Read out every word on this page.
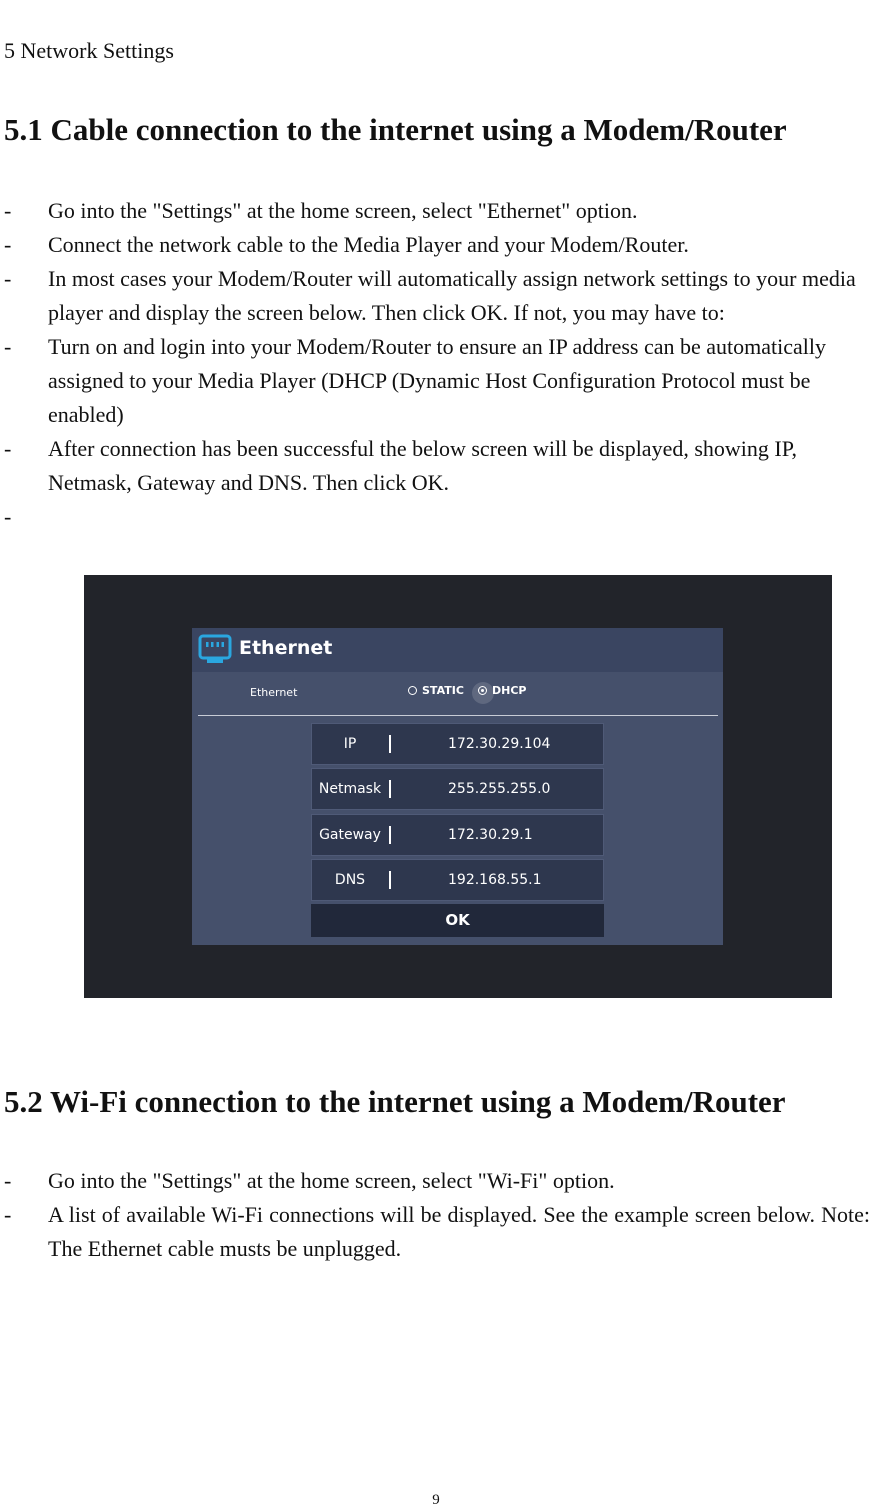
5 Network Settings
5.1 Cable connection to the internet using a Modem/Router
- Go into the "Settings" at the home screen, select "Ethernet" option.
- Connect the network cable to the Media Player and your Modem/Router.
- In most cases your Modem/Router will automatically assign network settings to your media player and display the screen below. Then click OK. If not, you may have to:
- Turn on and login into your Modem/Router to ensure an IP address can be automatically assigned to your Media Player (DHCP (Dynamic Host Configuration Protocol must be enabled)
- After connection has been successful the below screen will be displayed, showing IP, Netmask, Gateway and DNS. Then click OK.
-
Ethernet
Ethernet	STATIC	DHCP
IP	172.30.29.104
Netmask	255.255.255.0
Gateway	172.30.29.1
DNS	192.168.55.1
OK
5.2 Wi-Fi connection to the internet using a Modem/Router
- Go into the "Settings" at the home screen, select "Wi-Fi" option.
- A list of available Wi-Fi connections will be displayed. See the example screen below. Note: The Ethernet cable musts be unplugged.
9
